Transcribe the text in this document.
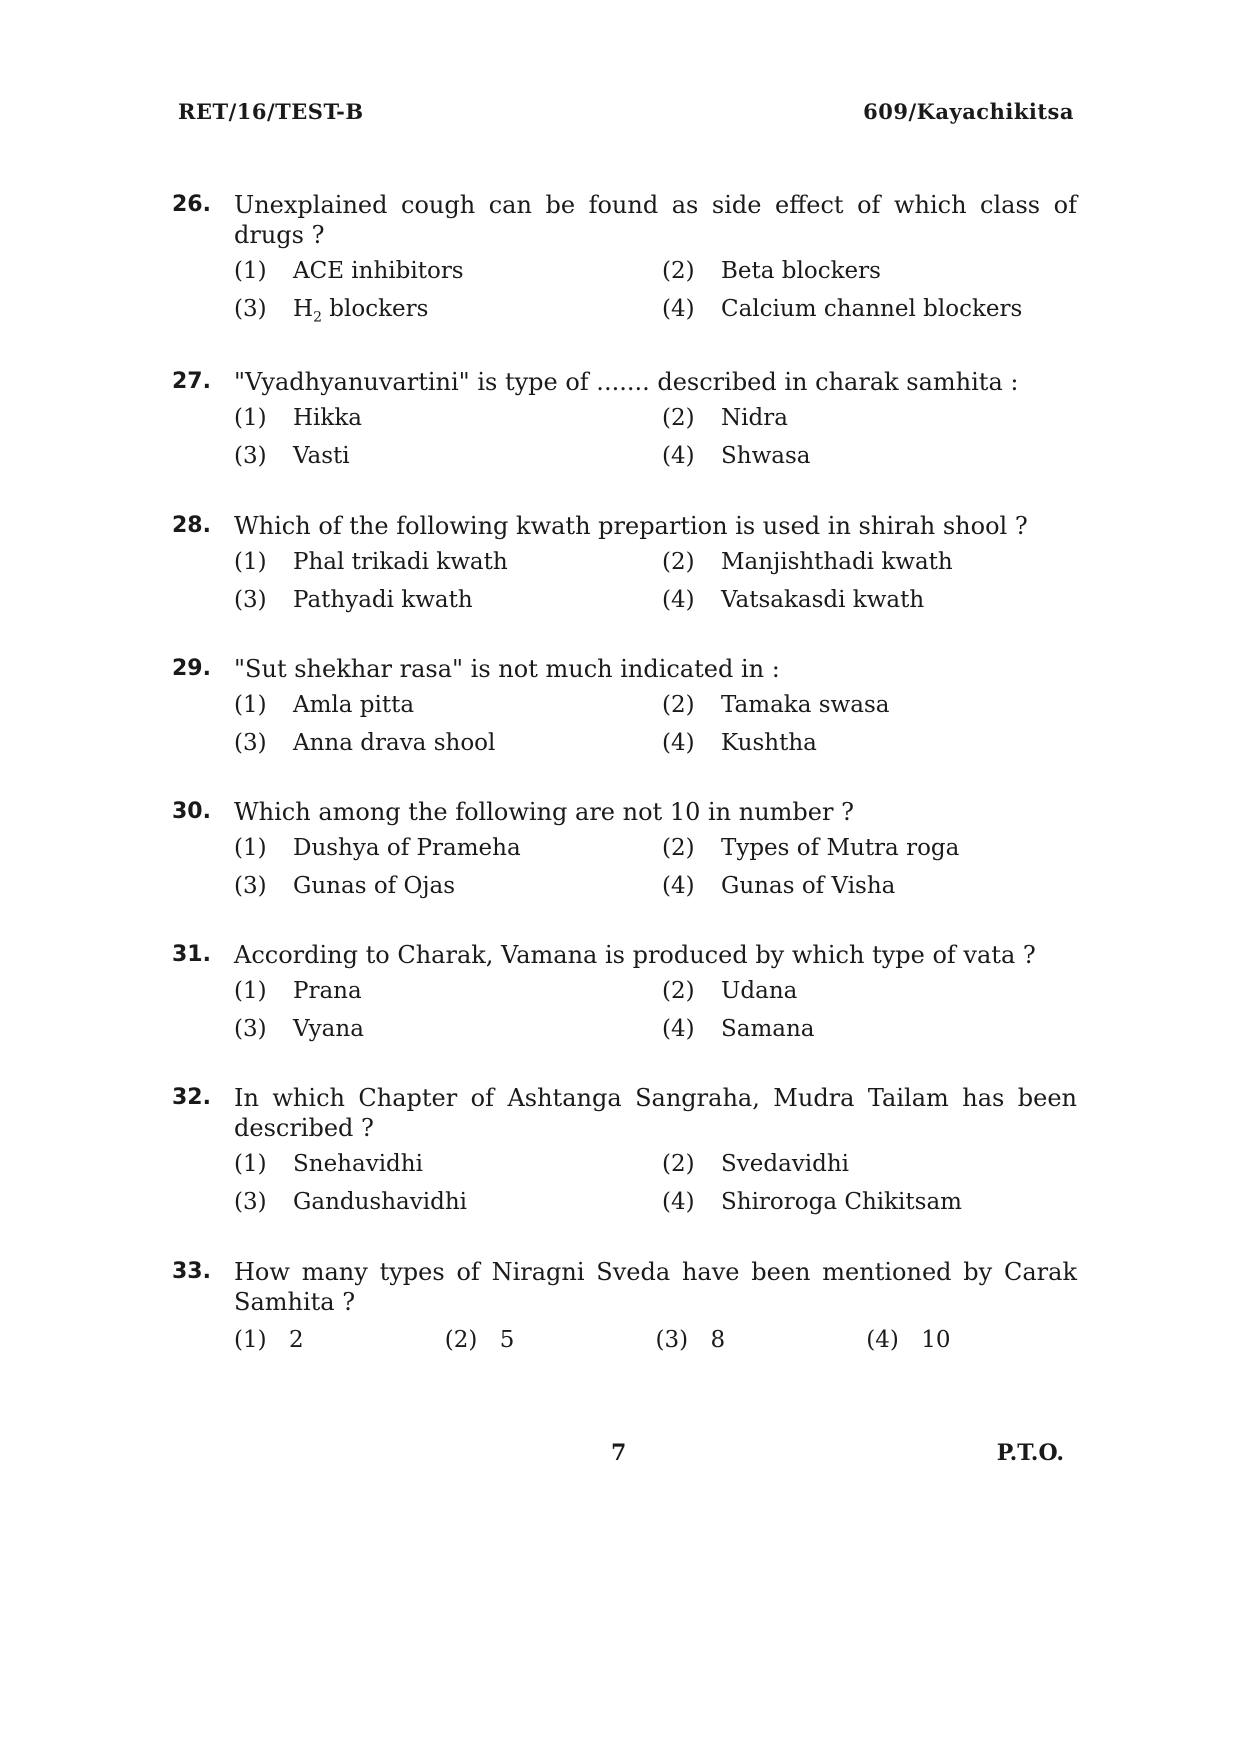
RET/16/TEST-B	609/Kayachikitsa
26. Unexplained cough can be found as side effect of which class of drugs ?
(1)	ACE inhibitors	(2)	Beta blockers
(3)	$H_2$ blockers	(4)	Calcium channel blockers
27. "Vyadhyanuvartini" is type of ....... described in charak samhita :
(1)	Hikka	(2)	Nidra
(3)	Vasti	(4)	Shwasa
28. Which of the following kwath prepartion is used in shirah shool ?
(1)	Phal trikadi kwath	(2)	Manjishthadi kwath
(3)	Pathyadi kwath	(4)	Vatsakasdi kwath
29. "Sut shekhar rasa" is not much indicated in :
(1)	Amla pitta	(2)	Tamaka swasa
(3)	Anna drava shool	(4)	Kushtha
30. Which among the following are not 10 in number ?
(1)	Dushya of Prameha	(2)	Types of Mutra roga
(3)	Gunas of Ojas	(4)	Gunas of Visha
31. According to Charak, Vamana is produced by which type of vata ?
(1)	Prana	(2)	Udana
(3)	Vyana	(4)	Samana
32. In which Chapter of Ashtanga Sangraha, Mudra Tailam has been described ?
(1)	Snehavidhi	(2)	Svedavidhi
(3)	Gandushavidhi	(4)	Shiroroga Chikitsam
33. How many types of Niragni Sveda have been mentioned by Carak Samhita ?
(1) 2	(2) 5	(3) 8	(4) 10
7	P.T.O.
